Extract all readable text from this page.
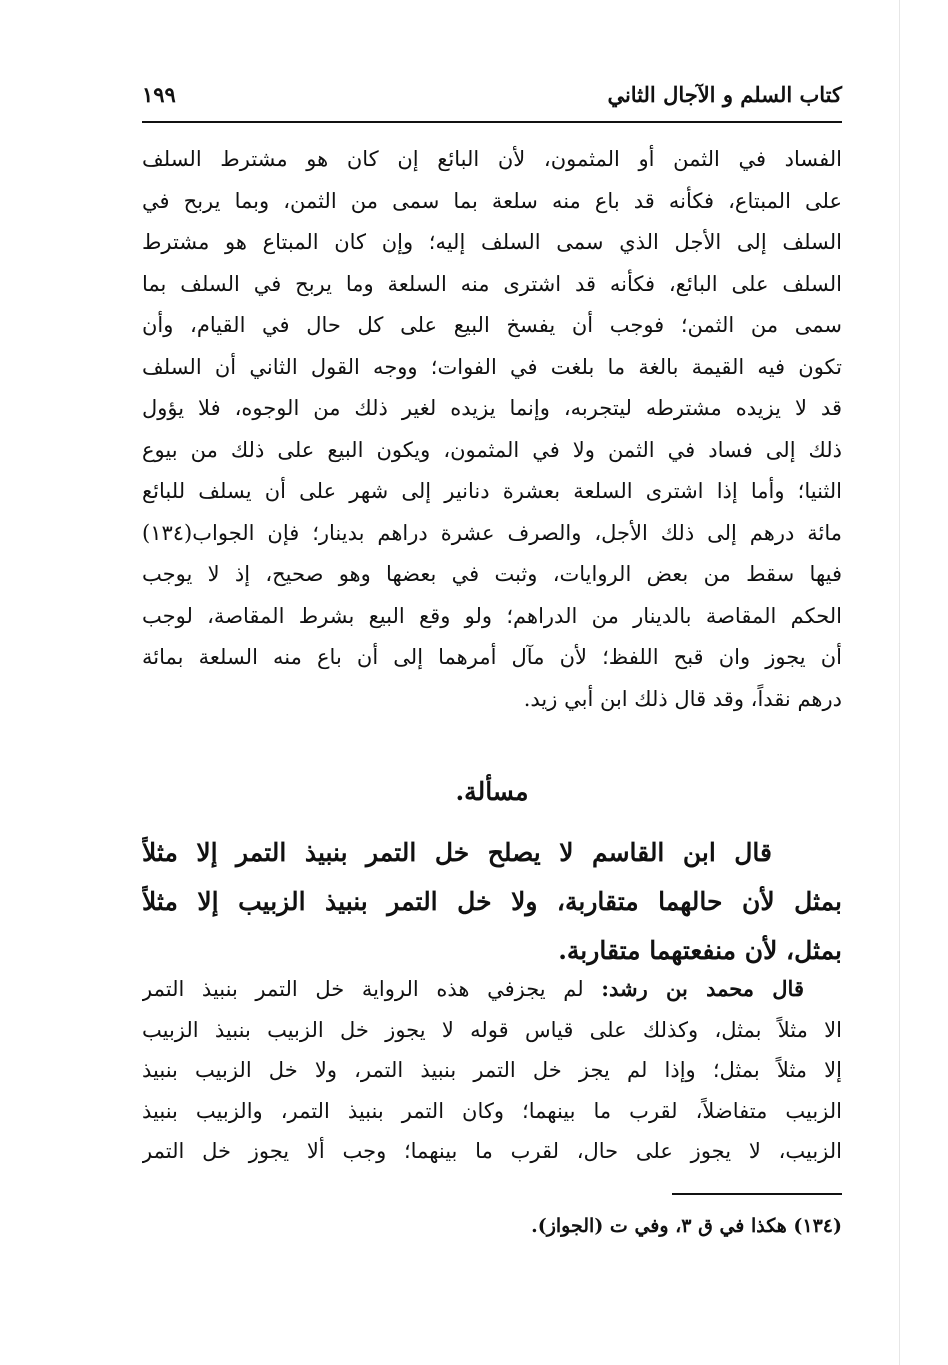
كتاب السلم و الآجال الثاني
١٩٩
الفساد في الثمن أو المثمون، لأن البائع إن كان هو مشترط السلف
على المبتاع، فكأنه قد باع منه سلعة بما سمى من الثمن، وبما يربح في
السلف إلى الأجل الذي سمى السلف إليه؛ وإن كان المبتاع هو مشترط
السلف على البائع، فكأنه قد اشترى منه السلعة وما يربح في السلف بما
سمى من الثمن؛ فوجب أن يفسخ البيع على كل حال في القيام، وأن
تكون فيه القيمة بالغة ما بلغت في الفوات؛ ووجه القول الثاني أن السلف
قد لا يزيده مشترطه ليتجربه، وإنما يزيده لغير ذلك من الوجوه، فلا يؤول
ذلك إلى فساد في الثمن ولا في المثمون، ويكون البيع على ذلك من بيوع
الثنيا؛ وأما إذا اشترى السلعة بعشرة دنانير إلى شهر على أن يسلف للبائع
مائة درهم إلى ذلك الأجل، والصرف عشرة دراهم بدينار؛ فإن الجواب(١٣٤)
فيها سقط من بعض الروايات، وثبت في بعضها وهو صحيح، إذ لا يوجب
الحكم المقاصة بالدينار من الدراهم؛ ولو وقع البيع بشرط المقاصة، لوجب
أن يجوز وان قبح اللفظ؛ لأن مآل أمرهما إلى أن باع منه السلعة بمائة
درهم نقداً، وقد قال ذلك ابن أبي زيد.
مسألة.
قال ابن القاسم لا يصلح خل التمر بنبيذ التمر إلا مثلاً
بمثل لأن حالهما متقاربة، ولا خل التمر بنبيذ الزبيب إلا مثلاً
بمثل، لأن منفعتهما متقاربة.
قال محمد بن رشد: لم يجزفي هذه الرواية خل التمر بنبيذ التمر
الا مثلاً بمثل، وكذلك على قياس قوله لا يجوز خل الزبيب بنبيذ الزبيب
إلا مثلاً بمثل؛ وإذا لم يجز خل التمر بنبيذ التمر، ولا خل الزبيب بنبيذ
الزبيب متفاضلاً، لقرب ما بينهما؛ وكان التمر بنبيذ التمر، والزبيب بنبيذ
الزبيب، لا يجوز على حال، لقرب ما بينهما؛ وجب ألا يجوز خل التمر
(١٣٤) هكذا في ق ٣، وفي ت (الجواز).
